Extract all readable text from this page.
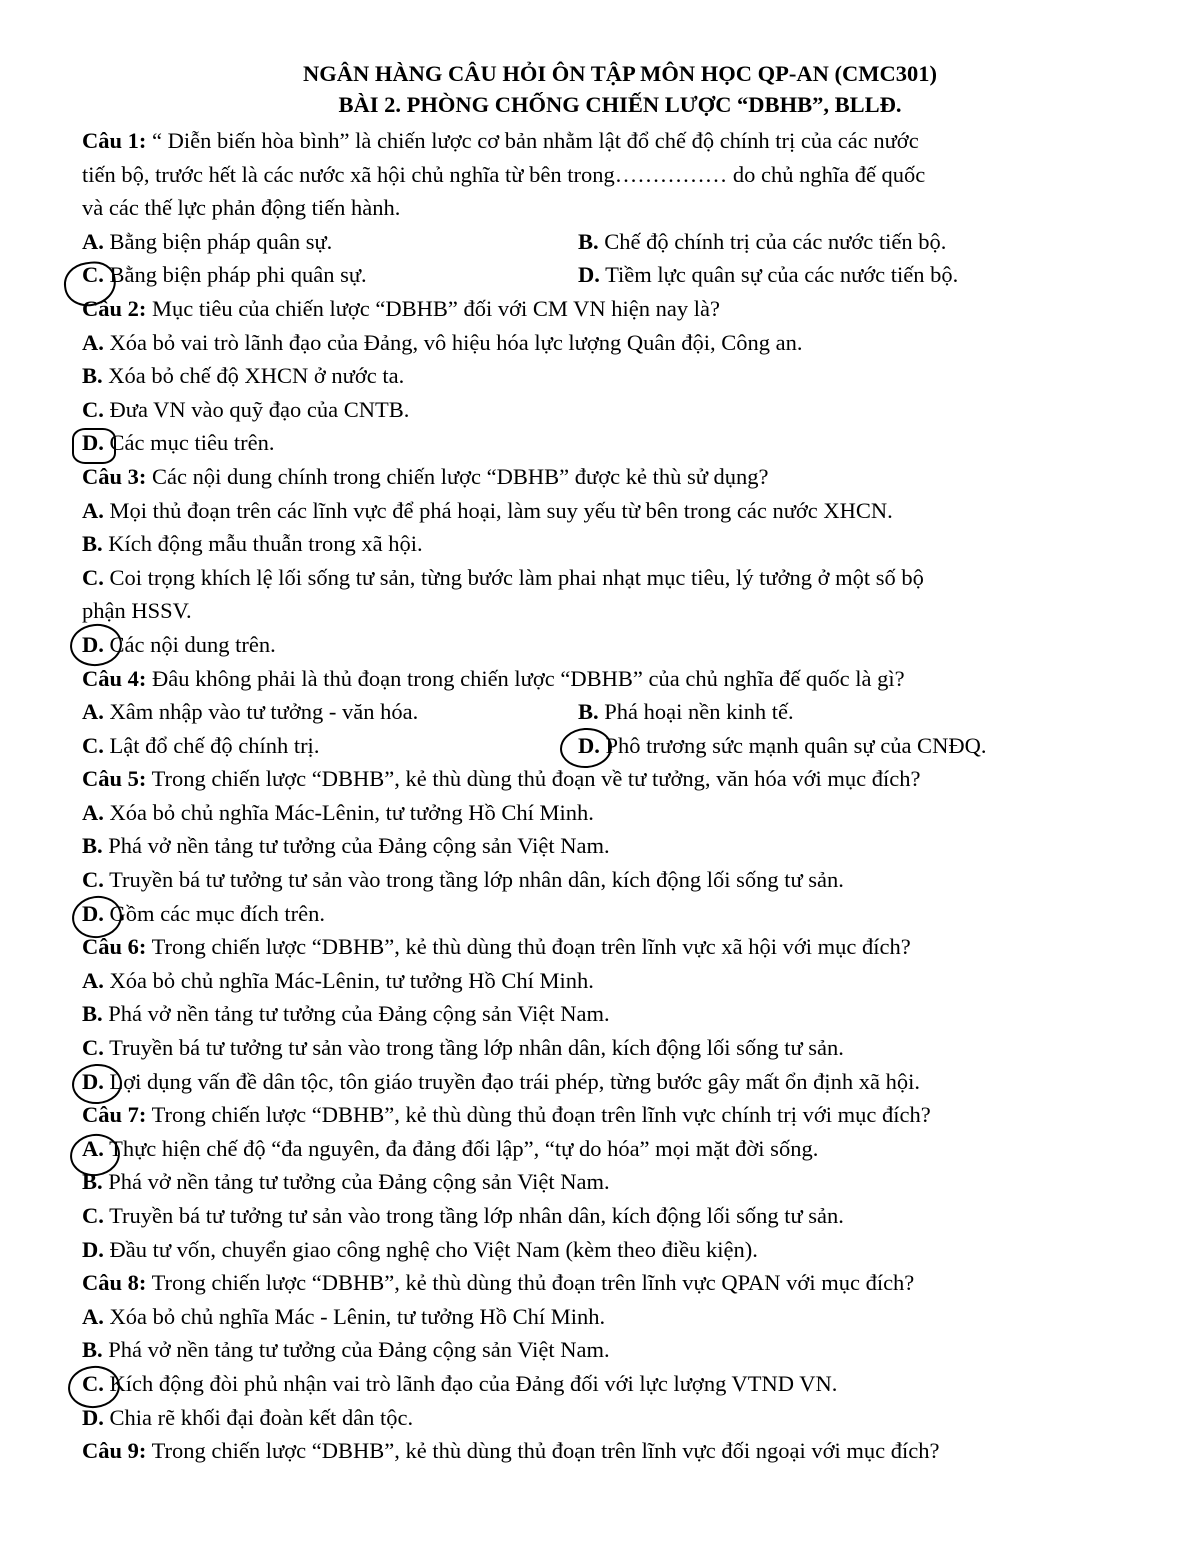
NGÂN HÀNG CÂU HỎI ÔN TẬP MÔN HỌC QP-AN (CMC301)
BÀI 2. PHÒNG CHỐNG CHIẾN LƯỢC “DBHB”, BLLĐ.
Câu 1: “ Diễn biến hòa bình” là chiến lược cơ bản nhằm lật đổ chế độ chính trị của các nước
tiến bộ, trước hết là các nước xã hội chủ nghĩa từ bên trong…………… do chủ nghĩa đế quốc
và các thế lực phản động tiến hành.
A. Bằng biện pháp quân sự.	B. Chế độ chính trị của các nước tiến bộ.
C. Bằng biện pháp phi quân sự.	D. Tiềm lực quân sự của các nước tiến bộ.
Câu 2: Mục tiêu của chiến lược “DBHB” đối với CM VN hiện nay là?
A. Xóa bỏ vai trò lãnh đạo của Đảng, vô hiệu hóa lực lượng Quân đội, Công an.
B. Xóa bỏ chế độ XHCN ở nước ta.
C. Đưa VN vào quỹ đạo của CNTB.
D. Các mục tiêu trên.
Câu 3: Các nội dung chính trong chiến lược “DBHB” được kẻ thù sử dụng?
A. Mọi thủ đoạn trên các lĩnh vực để phá hoại, làm suy yếu từ bên trong các nước XHCN.
B. Kích động mẫu thuẫn trong xã hội.
C. Coi trọng khích lệ lối sống tư sản, từng bước làm phai nhạt mục tiêu, lý tưởng ở một số bộ
phận HSSV.
D. Các nội dung trên.
Câu 4: Đâu không phải là thủ đoạn trong chiến lược “DBHB” của chủ nghĩa đế quốc là gì?
A. Xâm nhập vào tư tưởng - văn hóa.	B. Phá hoại nền kinh tế.
C. Lật đổ chế độ chính trị.	D. Phô trương sức mạnh quân sự của CNĐQ.
Câu 5: Trong chiến lược “DBHB”, kẻ thù dùng thủ đoạn về tư tưởng, văn hóa với mục đích?
A. Xóa bỏ chủ nghĩa Mác-Lênin, tư tưởng Hồ Chí Minh.
B. Phá vở nền tảng tư tưởng của Đảng cộng sản Việt Nam.
C. Truyền bá tư tưởng tư sản vào trong tầng lớp nhân dân, kích động lối sống tư sản.
D. Gồm các mục đích trên.
Câu 6: Trong chiến lược “DBHB”, kẻ thù dùng thủ đoạn trên lĩnh vực xã hội với mục đích?
A. Xóa bỏ chủ nghĩa Mác-Lênin, tư tưởng Hồ Chí Minh.
B. Phá vở nền tảng tư tưởng của Đảng cộng sản Việt Nam.
C. Truyền bá tư tưởng tư sản vào trong tầng lớp nhân dân, kích động lối sống tư sản.
D. Lợi dụng vấn đề dân tộc, tôn giáo truyền đạo trái phép, từng bước gây mất ổn định xã hội.
Câu 7: Trong chiến lược “DBHB”, kẻ thù dùng thủ đoạn trên lĩnh vực chính trị với mục đích?
A. Thực hiện chế độ “đa nguyên, đa đảng đối lập”, “tự do hóa” mọi mặt đời sống.
B. Phá vở nền tảng tư tưởng của Đảng cộng sản Việt Nam.
C. Truyền bá tư tưởng tư sản vào trong tầng lớp nhân dân, kích động lối sống tư sản.
D. Đầu tư vốn, chuyển giao công nghệ cho Việt Nam (kèm theo điều kiện).
Câu 8: Trong chiến lược “DBHB”, kẻ thù dùng thủ đoạn trên lĩnh vực QPAN với mục đích?
A. Xóa bỏ chủ nghĩa Mác - Lênin, tư tưởng Hồ Chí Minh.
B. Phá vở nền tảng tư tưởng của Đảng cộng sản Việt Nam.
C. Kích động đòi phủ nhận vai trò lãnh đạo của Đảng đối với lực lượng VTND VN.
D. Chia rẽ khối đại đoàn kết dân tộc.
Câu 9: Trong chiến lược “DBHB”, kẻ thù dùng thủ đoạn trên lĩnh vực đối ngoại với mục đích?
